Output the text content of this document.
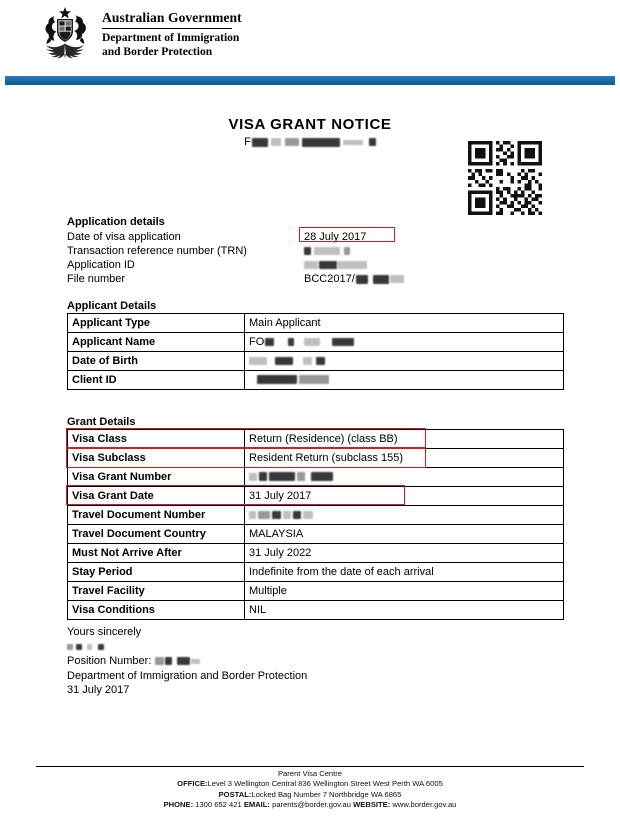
Australian Government
Department of Immigration
and Border Protection
VISA GRANT NOTICE
F
Application details
Date of visa application	28 July 2017
Transaction reference number (TRN)
Application ID
File number	BCC2017/
Applicant Details
Applicant Type	Main Applicant
Applicant Name	FO
Date of Birth	
Client ID	
Grant Details
Visa Class	Return (Residence) (class BB)
Visa Subclass	Resident Return (subclass 155)
Visa Grant Number	
Visa Grant Date	31 July 2017
Travel Document Number	
Travel Document Country	MALAYSIA
Must Not Arrive After	31 July 2022
Stay Period	Indefinite from the date of each arrival
Travel Facility	Multiple
Visa Conditions	NIL
Yours sincerely
Position Number:
Department of Immigration and Border Protection
31 July 2017
Parent Visa Centre
OFFICE:Level 3 Wellington Central 836 Wellington Street West Perth WA 6005
POSTAL:Locked Bag Number 7 Northbridge WA 6865
PHONE: 1300 652 421 EMAIL: parents@border.gov.au WEBSITE: www.border.gov.au
